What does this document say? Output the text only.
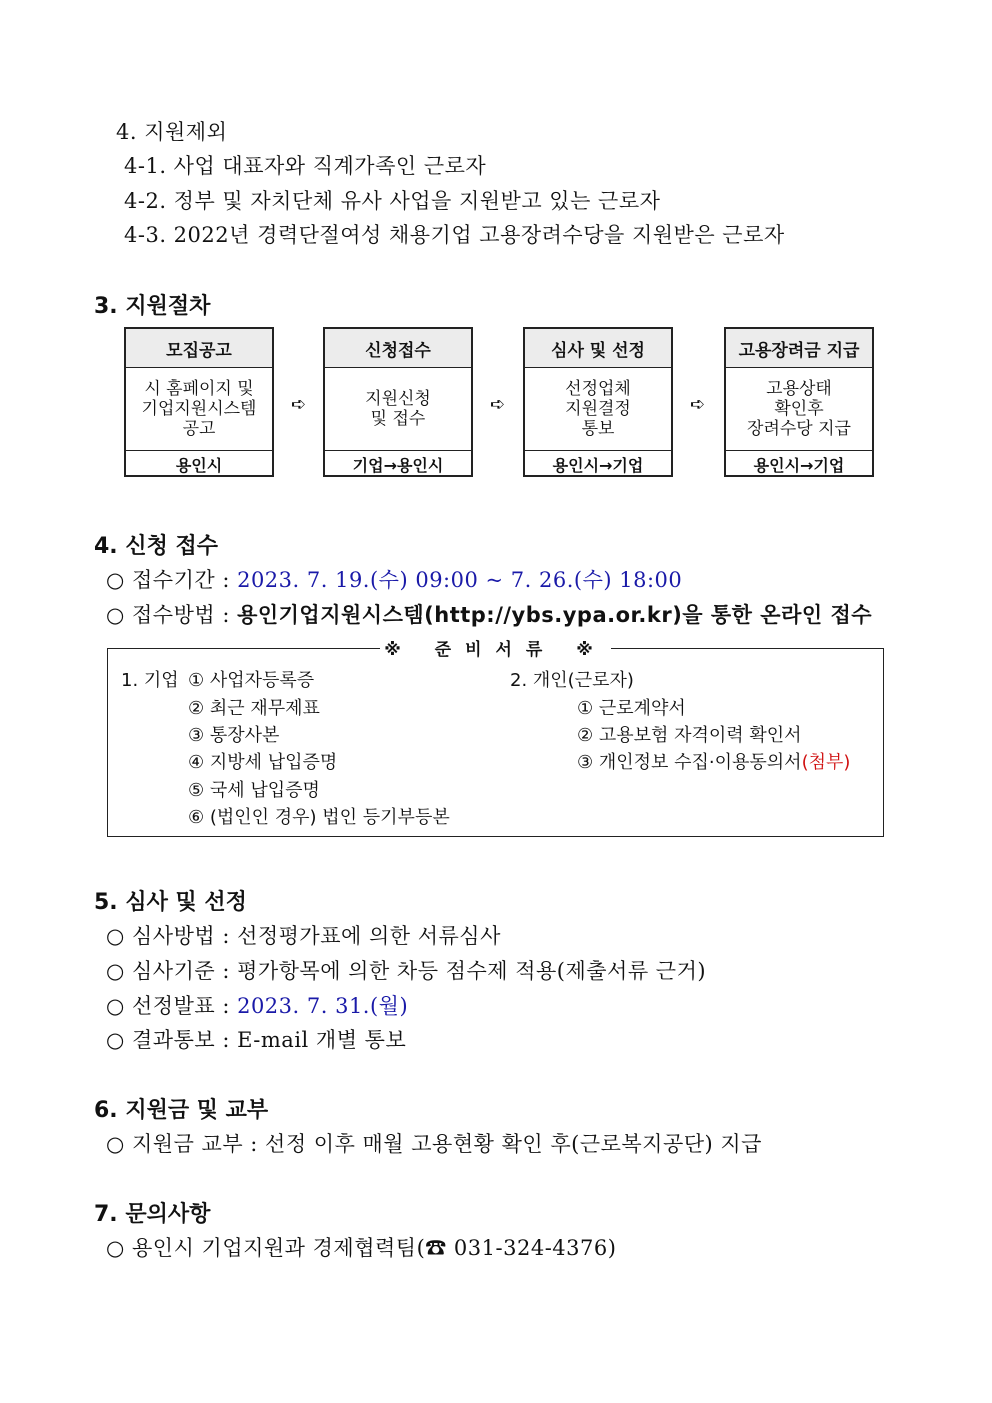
4. 지원제외
4-1. 사업 대표자와 직계가족인 근로자
4-2. 정부 및 자치단체 유사 사업을 지원받고 있는 근로자
4-3. 2022년 경력단절여성 채용기업 고용장려수당을 지원받은 근로자
3. 지원절차
모집공고
시 홈페이지 및
기업지원시스템
공고
용인시
➪
신청접수
지원신청
및 접수
기업→용인시
➪
심사 및 선정
선정업체
지원결정
통보
용인시→기업
➪
고용장려금 지급
고용상태
확인후
장려수당 지급
용인시→기업
4. 신청 접수
○ 접수기간 : 2023. 7. 19.(수) 09:00 ~ 7. 26.(수) 18:00
○ 접수방법 : 용인기업지원시스템(http://ybs.ypa.or.kr)을 통한 온라인 접수
※ 준비서류 ※
1. 기업 ① 사업자등록증
② 최근 재무제표
③ 통장사본
④ 지방세 납입증명
⑤ 국세 납입증명
⑥ (법인인 경우) 법인 등기부등본
2. 개인(근로자)
① 근로계약서
② 고용보험 자격이력 확인서
③ 개인정보 수집·이용동의서(첨부)
5. 심사 및 선정
○ 심사방법 : 선정평가표에 의한 서류심사
○ 심사기준 : 평가항목에 의한 차등 점수제 적용(제출서류 근거)
○ 선정발표 : 2023. 7. 31.(월)
○ 결과통보 : E-mail 개별 통보
6. 지원금 및 교부
○ 지원금 교부 : 선정 이후 매월 고용현황 확인 후(근로복지공단) 지급
7. 문의사항
○ 용인시 기업지원과 경제협력팀(☎ 031-324-4376)
